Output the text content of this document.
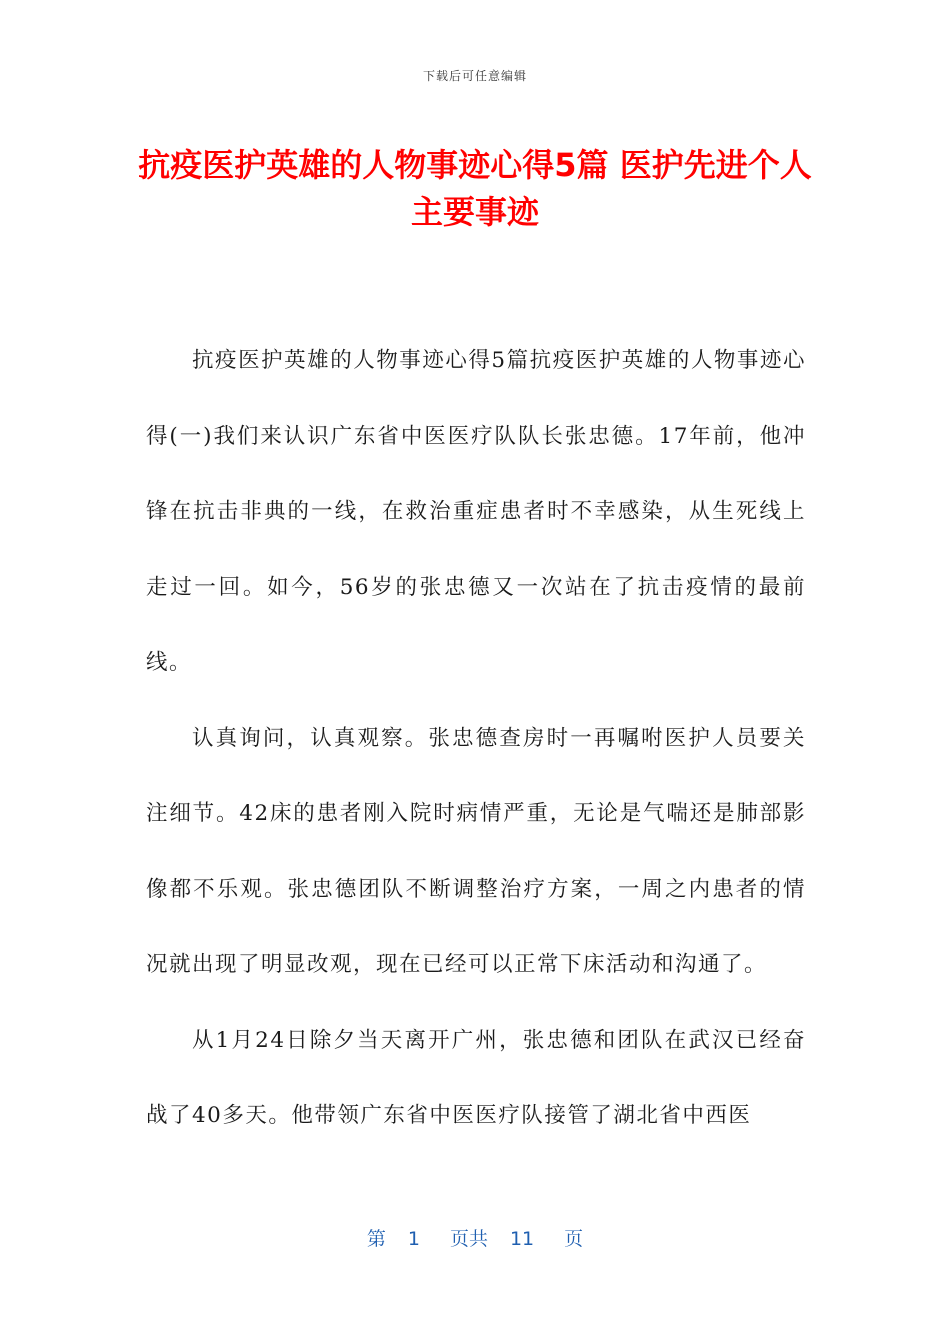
下载后可任意编辑
抗疫医护英雄的人物事迹心得5篇 医护先进个人主要事迹

抗疫医护英雄的人物事迹心得5篇抗疫医护英雄的人物事迹心得(一)我们来认识广东省中医医疗队队长张忠德。17年前，他冲锋在抗击非典的一线，在救治重症患者时不幸感染，从生死线上走过一回。如今，56岁的张忠德又一次站在了抗击疫情的最前线。

认真询问，认真观察。张忠德查房时一再嘱咐医护人员要关注细节。42床的患者刚入院时病情严重，无论是气喘还是肺部影像都不乐观。张忠德团队不断调整治疗方案，一周之内患者的情况就出现了明显改观，现在已经可以正常下床活动和沟通了。

从1月24日除夕当天离开广州，张忠德和团队在武汉已经奋战了40多天。他带领广东省中医医疗队接管了湖北省中西医

第 1 页共 11 页
